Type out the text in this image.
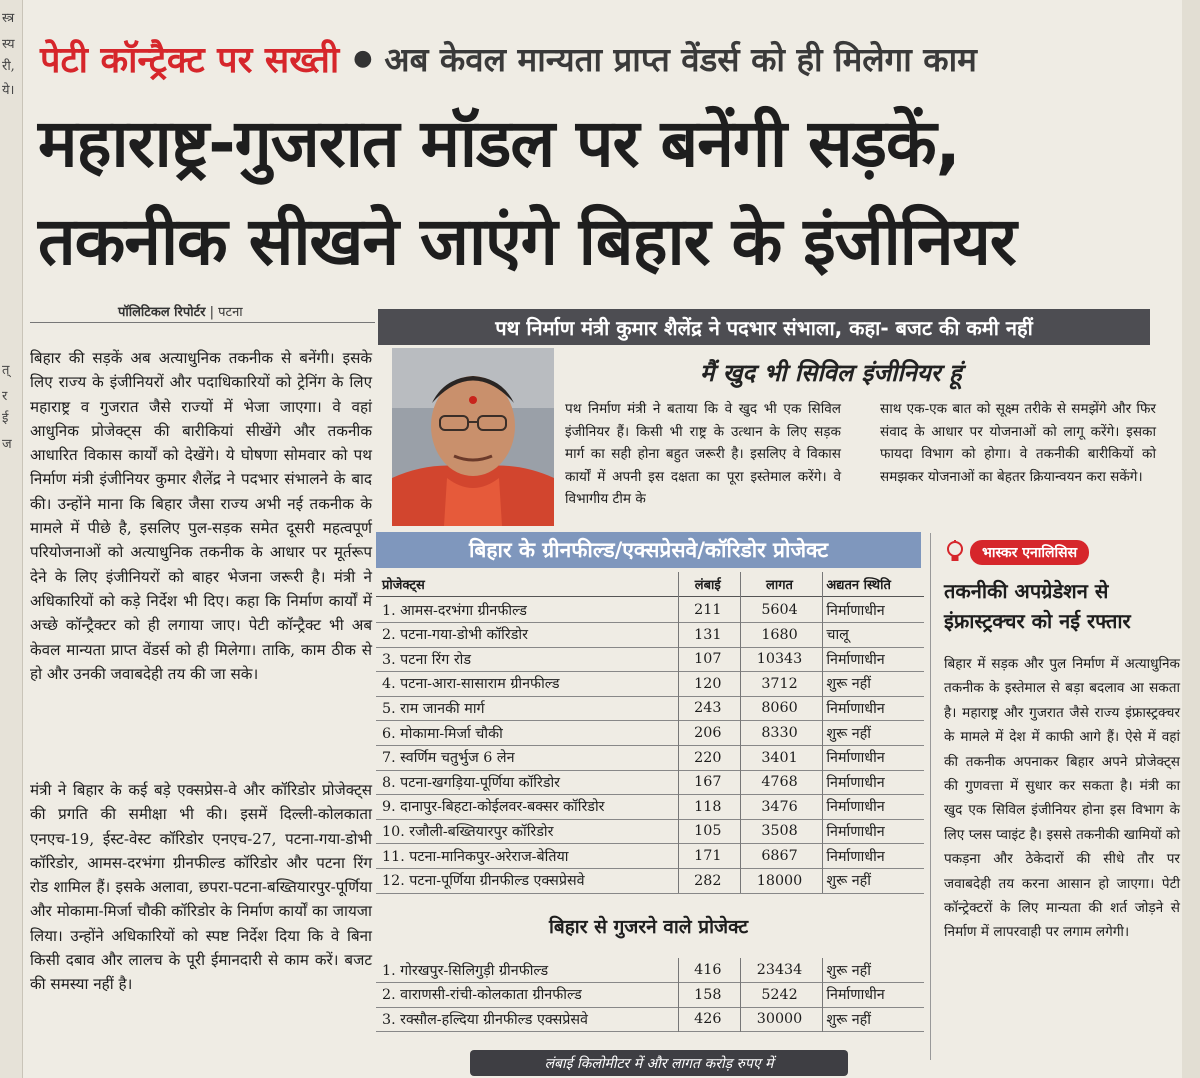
स्त्र
स्य
री,
ये।
त्
र
ई
ज
पेटी कॉन्ट्रैक्ट पर सख्ती ● अब केवल मान्यता प्राप्त वेंडर्स को ही मिलेगा काम
महाराष्ट्र-गुजरात मॉडल पर बनेंगी सड़कें,
तकनीक सीखने जाएंगे बिहार के इंजीनियर
पॉलिटिकल रिपोर्टर | पटना
बिहार की सड़कें अब अत्याधुनिक तकनीक से बनेंगी। इसके लिए राज्य के इंजीनियरों और पदाधिकारियों को ट्रेनिंग के लिए महाराष्ट्र व गुजरात जैसे राज्यों में भेजा जाएगा। वे वहां आधुनिक प्रोजेक्ट्स की बारीकियां सीखेंगे और तकनीक आधारित विकास कार्यों को देखेंगे। ये घोषणा सोमवार को पथ निर्माण मंत्री इंजीनियर कुमार शैलेंद्र ने पदभार संभालने के बाद की। उन्होंने माना कि बिहार जैसा राज्य अभी नई तकनीक के मामले में पीछे है, इसलिए पुल-सड़क समेत दूसरी महत्वपूर्ण परियोजनाओं को अत्याधुनिक तकनीक के आधार पर मूर्तरूप देने के लिए इंजीनियरों को बाहर भेजना जरूरी है। मंत्री ने अधिकारियों को कड़े निर्देश भी दिए। कहा कि निर्माण कार्यों में अच्छे कॉन्ट्रैक्टर को ही लगाया जाए। पेटी कॉन्ट्रैक्ट भी अब केवल मान्यता प्राप्त वेंडर्स को ही मिलेगा। ताकि, काम ठीक से हो और उनकी जवाबदेही तय की जा सके।
मंत्री ने बिहार के कई बड़े एक्सप्रेस-वे और कॉरिडोर प्रोजेक्ट्स की प्रगति की समीक्षा भी की। इसमें दिल्ली-कोलकाता एनएच-19, ईस्ट-वेस्ट कॉरिडोर एनएच-27, पटना-गया-डोभी कॉरिडोर, आमस-दरभंगा ग्रीनफील्ड कॉरिडोर और पटना रिंग रोड शामिल हैं। इसके अलावा, छपरा-पटना-बख्तियारपुर-पूर्णिया और मोकामा-मिर्जा चौकी कॉरिडोर के निर्माण कार्यों का जायजा लिया। उन्होंने अधिकारियों को स्पष्ट निर्देश दिया कि वे बिना किसी दबाव और लालच के पूरी ईमानदारी से काम करें। बजट की समस्या नहीं है।
पथ निर्माण मंत्री कुमार शैलेंद्र ने पदभार संभाला, कहा- बजट की कमी नहीं
मैं खुद भी सिविल इंजीनियर हूं
पथ निर्माण मंत्री ने बताया कि वे खुद भी एक सिविल इंजीनियर हैं। किसी भी राष्ट्र के उत्थान के लिए सड़क मार्ग का सही होना बहुत जरूरी है। इसलिए वे विकास कार्यों में अपनी इस दक्षता का पूरा इस्तेमाल करेंगे। वे विभागीय टीम के
साथ एक-एक बात को सूक्ष्म तरीके से समझेंगे और फिर संवाद के आधार पर योजनाओं को लागू करेंगे। इसका फायदा विभाग को होगा। वे तकनीकी बारीकियों को समझकर योजनाओं का बेहतर क्रियान्वयन करा सकेंगे।
बिहार के ग्रीनफील्ड/एक्सप्रेसवे/कॉरिडोर प्रोजेक्ट
प्रोजेक्ट्स	लंबाई	लागत	अद्यतन स्थिति
1. आमस-दरभंगा ग्रीनफील्ड	211	5604	निर्माणाधीन
2. पटना-गया-डोभी कॉरिडोर	131	1680	चालू
3. पटना रिंग रोड	107	10343	निर्माणाधीन
4. पटना-आरा-सासाराम ग्रीनफील्ड	120	3712	शुरू नहीं
5. राम जानकी मार्ग	243	8060	निर्माणाधीन
6. मोकामा-मिर्जा चौकी	206	8330	शुरू नहीं
7. स्वर्णिम चतुर्भुज 6 लेन	220	3401	निर्माणाधीन
8. पटना-खगड़िया-पूर्णिया कॉरिडोर	167	4768	निर्माणाधीन
9. दानापुर-बिहटा-कोईलवर-बक्सर कॉरिडोर	118	3476	निर्माणाधीन
10. रजौली-बख्तियारपुर कॉरिडोर	105	3508	निर्माणाधीन
11. पटना-मानिकपुर-अरेराज-बेतिया	171	6867	निर्माणाधीन
12. पटना-पूर्णिया ग्रीनफील्ड एक्सप्रेसवे	282	18000	शुरू नहीं
बिहार से गुजरने वाले प्रोजेक्ट
1. गोरखपुर-सिलिगुड़ी ग्रीनफील्ड	416	23434	शुरू नहीं
2. वाराणसी-रांची-कोलकाता ग्रीनफील्ड	158	5242	निर्माणाधीन
3. रक्सौल-हल्दिया ग्रीनफील्ड एक्सप्रेसवे	426	30000	शुरू नहीं
लंबाई किलोमीटर में और लागत करोड़ रुपए में
भास्कर एनालिसिस
तकनीकी अपग्रेडेशन से इंफ्रास्ट्रक्चर को नई रफ्तार
बिहार में सड़क और पुल निर्माण में अत्याधुनिक तकनीक के इस्तेमाल से बड़ा बदलाव आ सकता है। महाराष्ट्र और गुजरात जैसे राज्य इंफ्रास्ट्रक्चर के मामले में देश में काफी आगे हैं। ऐसे में वहां की तकनीक अपनाकर बिहार अपने प्रोजेक्ट्स की गुणवत्ता में सुधार कर सकता है। मंत्री का खुद एक सिविल इंजीनियर होना इस विभाग के लिए प्लस प्वाइंट है। इससे तकनीकी खामियों को पकड़ना और ठेकेदारों की सीधे तौर पर जवाबदेही तय करना आसान हो जाएगा। पेटी कॉन्ट्रेक्टरों के लिए मान्यता की शर्त जोड़ने से निर्माण में लापरवाही पर लगाम लगेगी।
